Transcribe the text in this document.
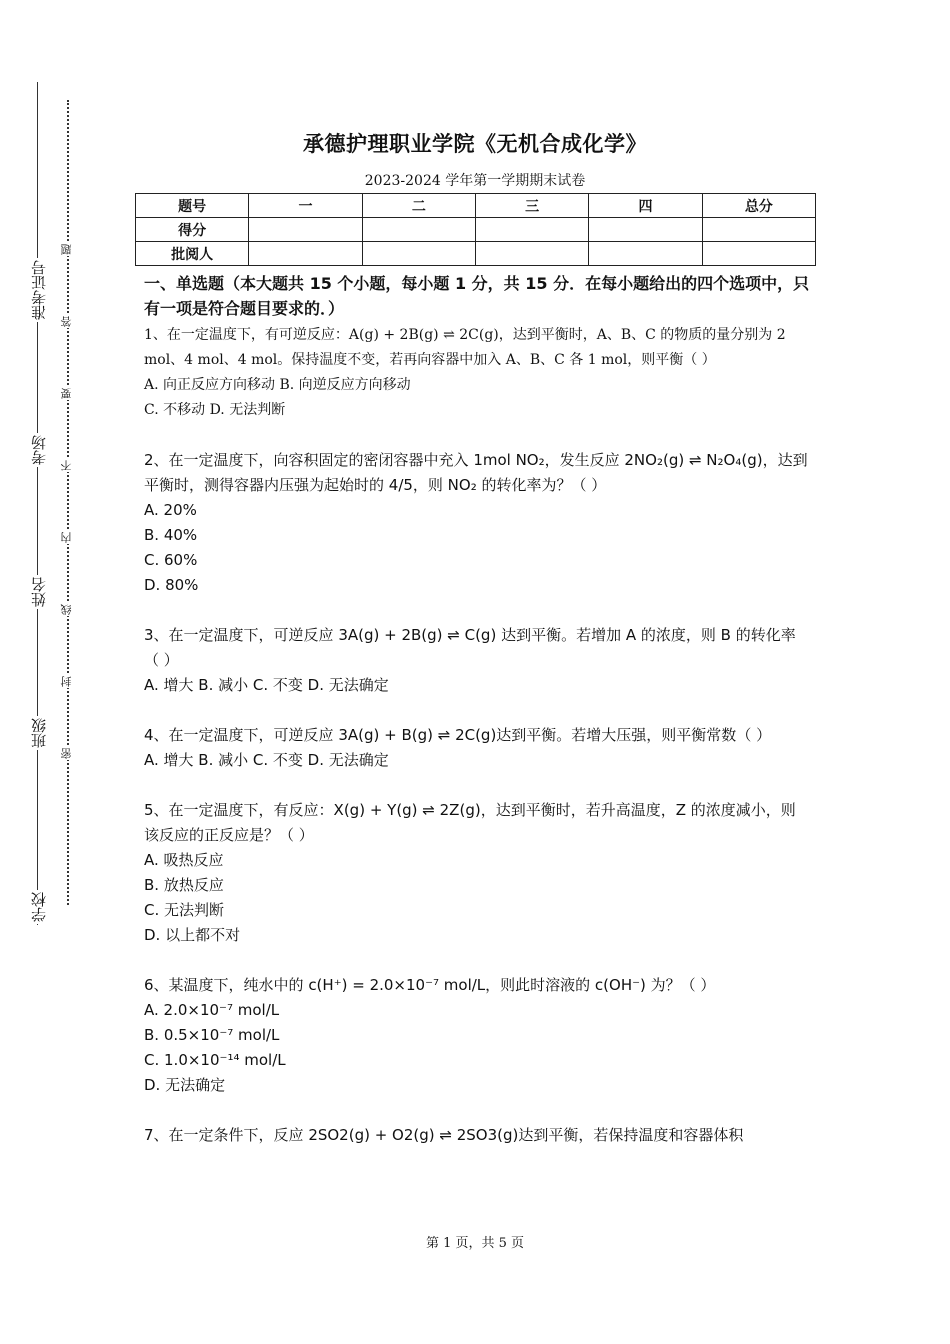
准考证号
考场
姓名
班级
学校
题
答
要
不
内
线
封
密
承德护理职业学院《无机合成化学》
2023-2024 学年第一学期期末试卷
题号	一	二	三	四	总分
得分					
批阅人					

一、单选题（本大题共 15 个小题，每小题 1 分，共 15 分．在每小题给出的四个选项中，只有一项是符合题目要求的．）

1、在一定温度下，有可逆反应：A(g) + 2B(g) ⇌ 2C(g)，达到平衡时，A、B、C 的物质的量分别为 2 mol、4 mol、4 mol。保持温度不变，若再向容器中加入 A、B、C 各 1 mol，则平衡（ ）

A. 向正反应方向移动 B. 向逆反应方向移动

C. 不移动 D. 无法判断

2、在一定温度下，向容积固定的密闭容器中充入 1mol NO₂，发生反应 2NO₂(g) ⇌ N₂O₄(g)，达到平衡时，测得容器内压强为起始时的 4/5，则 NO₂ 的转化率为？（ ）

A. 20%

B. 40%

C. 60%

D. 80%

3、在一定温度下，可逆反应 3A(g) + 2B(g) ⇌ C(g) 达到平衡。若增加 A 的浓度，则 B 的转化率（ ）

A. 增大 B. 减小 C. 不变 D. 无法确定

4、在一定温度下，可逆反应 3A(g) + B(g) ⇌ 2C(g)达到平衡。若增大压强，则平衡常数（ ）

A. 增大 B. 减小 C. 不变 D. 无法确定

5、在一定温度下，有反应：X(g) + Y(g) ⇌ 2Z(g)，达到平衡时，若升高温度，Z 的浓度减小，则该反应的正反应是？（ ）

A. 吸热反应

B. 放热反应

C. 无法判断

D. 以上都不对

6、某温度下，纯水中的 c(H⁺) = 2.0×10⁻⁷ mol/L，则此时溶液的 c(OH⁻) 为？（ ）

A. 2.0×10⁻⁷ mol/L

B. 0.5×10⁻⁷ mol/L

C. 1.0×10⁻¹⁴ mol/L

D. 无法确定

7、在一定条件下，反应 2SO2(g) + O2(g) ⇌ 2SO3(g)达到平衡，若保持温度和容器体积

第 1 页，共 5 页
